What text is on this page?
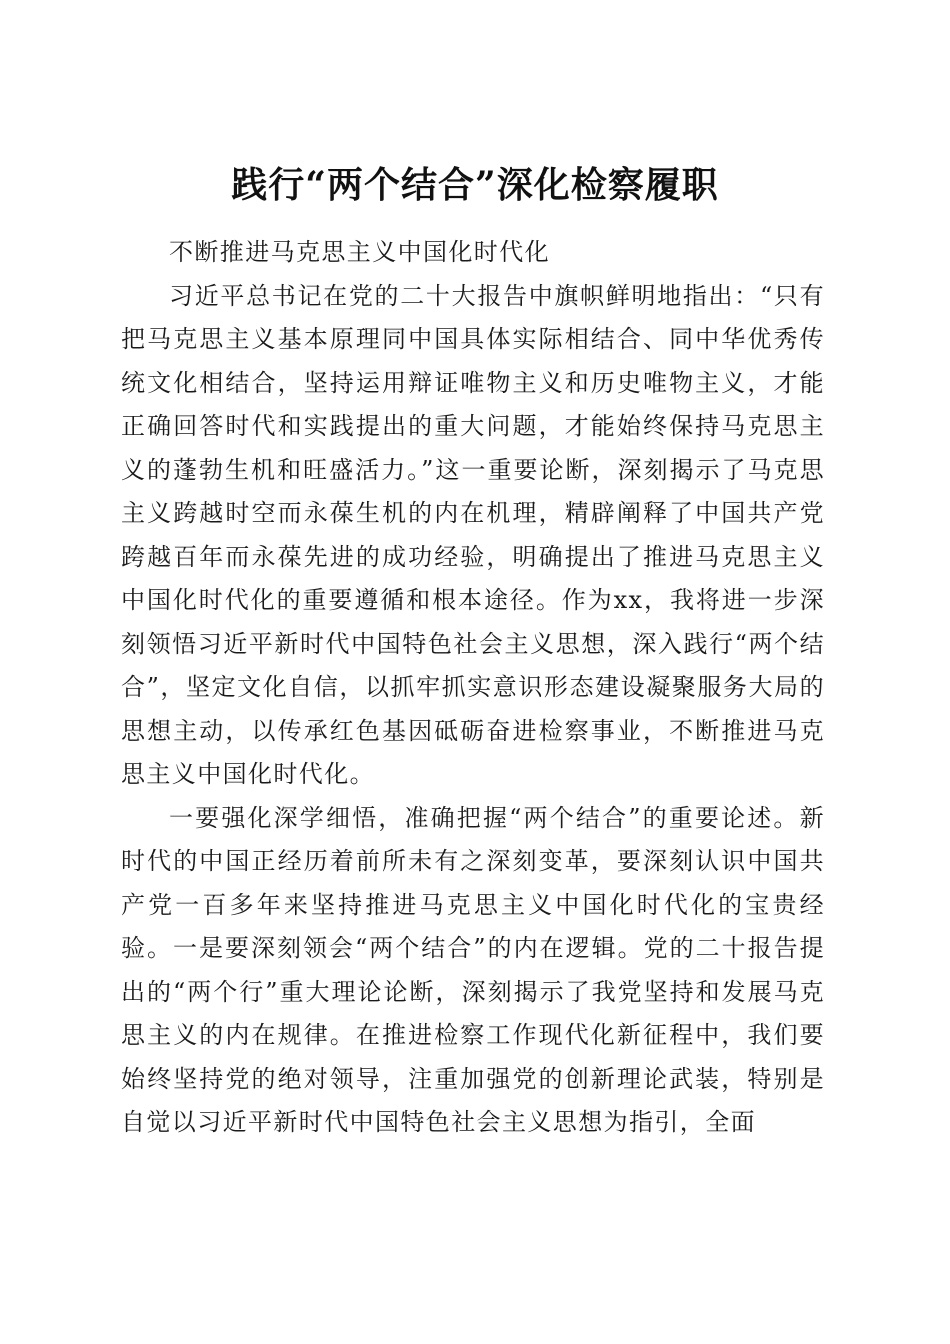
践行“两个结合”深化检察履职

不断推进马克思主义中国化时代化

习近平总书记在党的二十大报告中旗帜鲜明地指出：“只有把马克思主义基本原理同中国具体实际相结合、同中华优秀传统文化相结合，坚持运用辩证唯物主义和历史唯物主义，才能正确回答时代和实践提出的重大问题，才能始终保持马克思主义的蓬勃生机和旺盛活力。”这一重要论断，深刻揭示了马克思主义跨越时空而永葆生机的内在机理，精辟阐释了中国共产党跨越百年而永葆先进的成功经验，明确提出了推进马克思主义中国化时代化的重要遵循和根本途径。作为xx，我将进一步深刻领悟习近平新时代中国特色社会主义思想，深入践行“两个结合”，坚定文化自信，以抓牢抓实意识形态建设凝聚服务大局的思想主动，以传承红色基因砥砺奋进检察事业，不断推进马克思主义中国化时代化。

一要强化深学细悟，准确把握“两个结合”的重要论述。新时代的中国正经历着前所未有之深刻变革，要深刻认识中国共产党一百多年来坚持推进马克思主义中国化时代化的宝贵经验。一是要深刻领会“两个结合”的内在逻辑。党的二十报告提出的“两个行”重大理论论断，深刻揭示了我党坚持和发展马克思主义的内在规律。在推进检察工作现代化新征程中，我们要始终坚持党的绝对领导，注重加强党的创新理论武装，特别是自觉以习近平新时代中国特色社会主义思想为指引，全面
